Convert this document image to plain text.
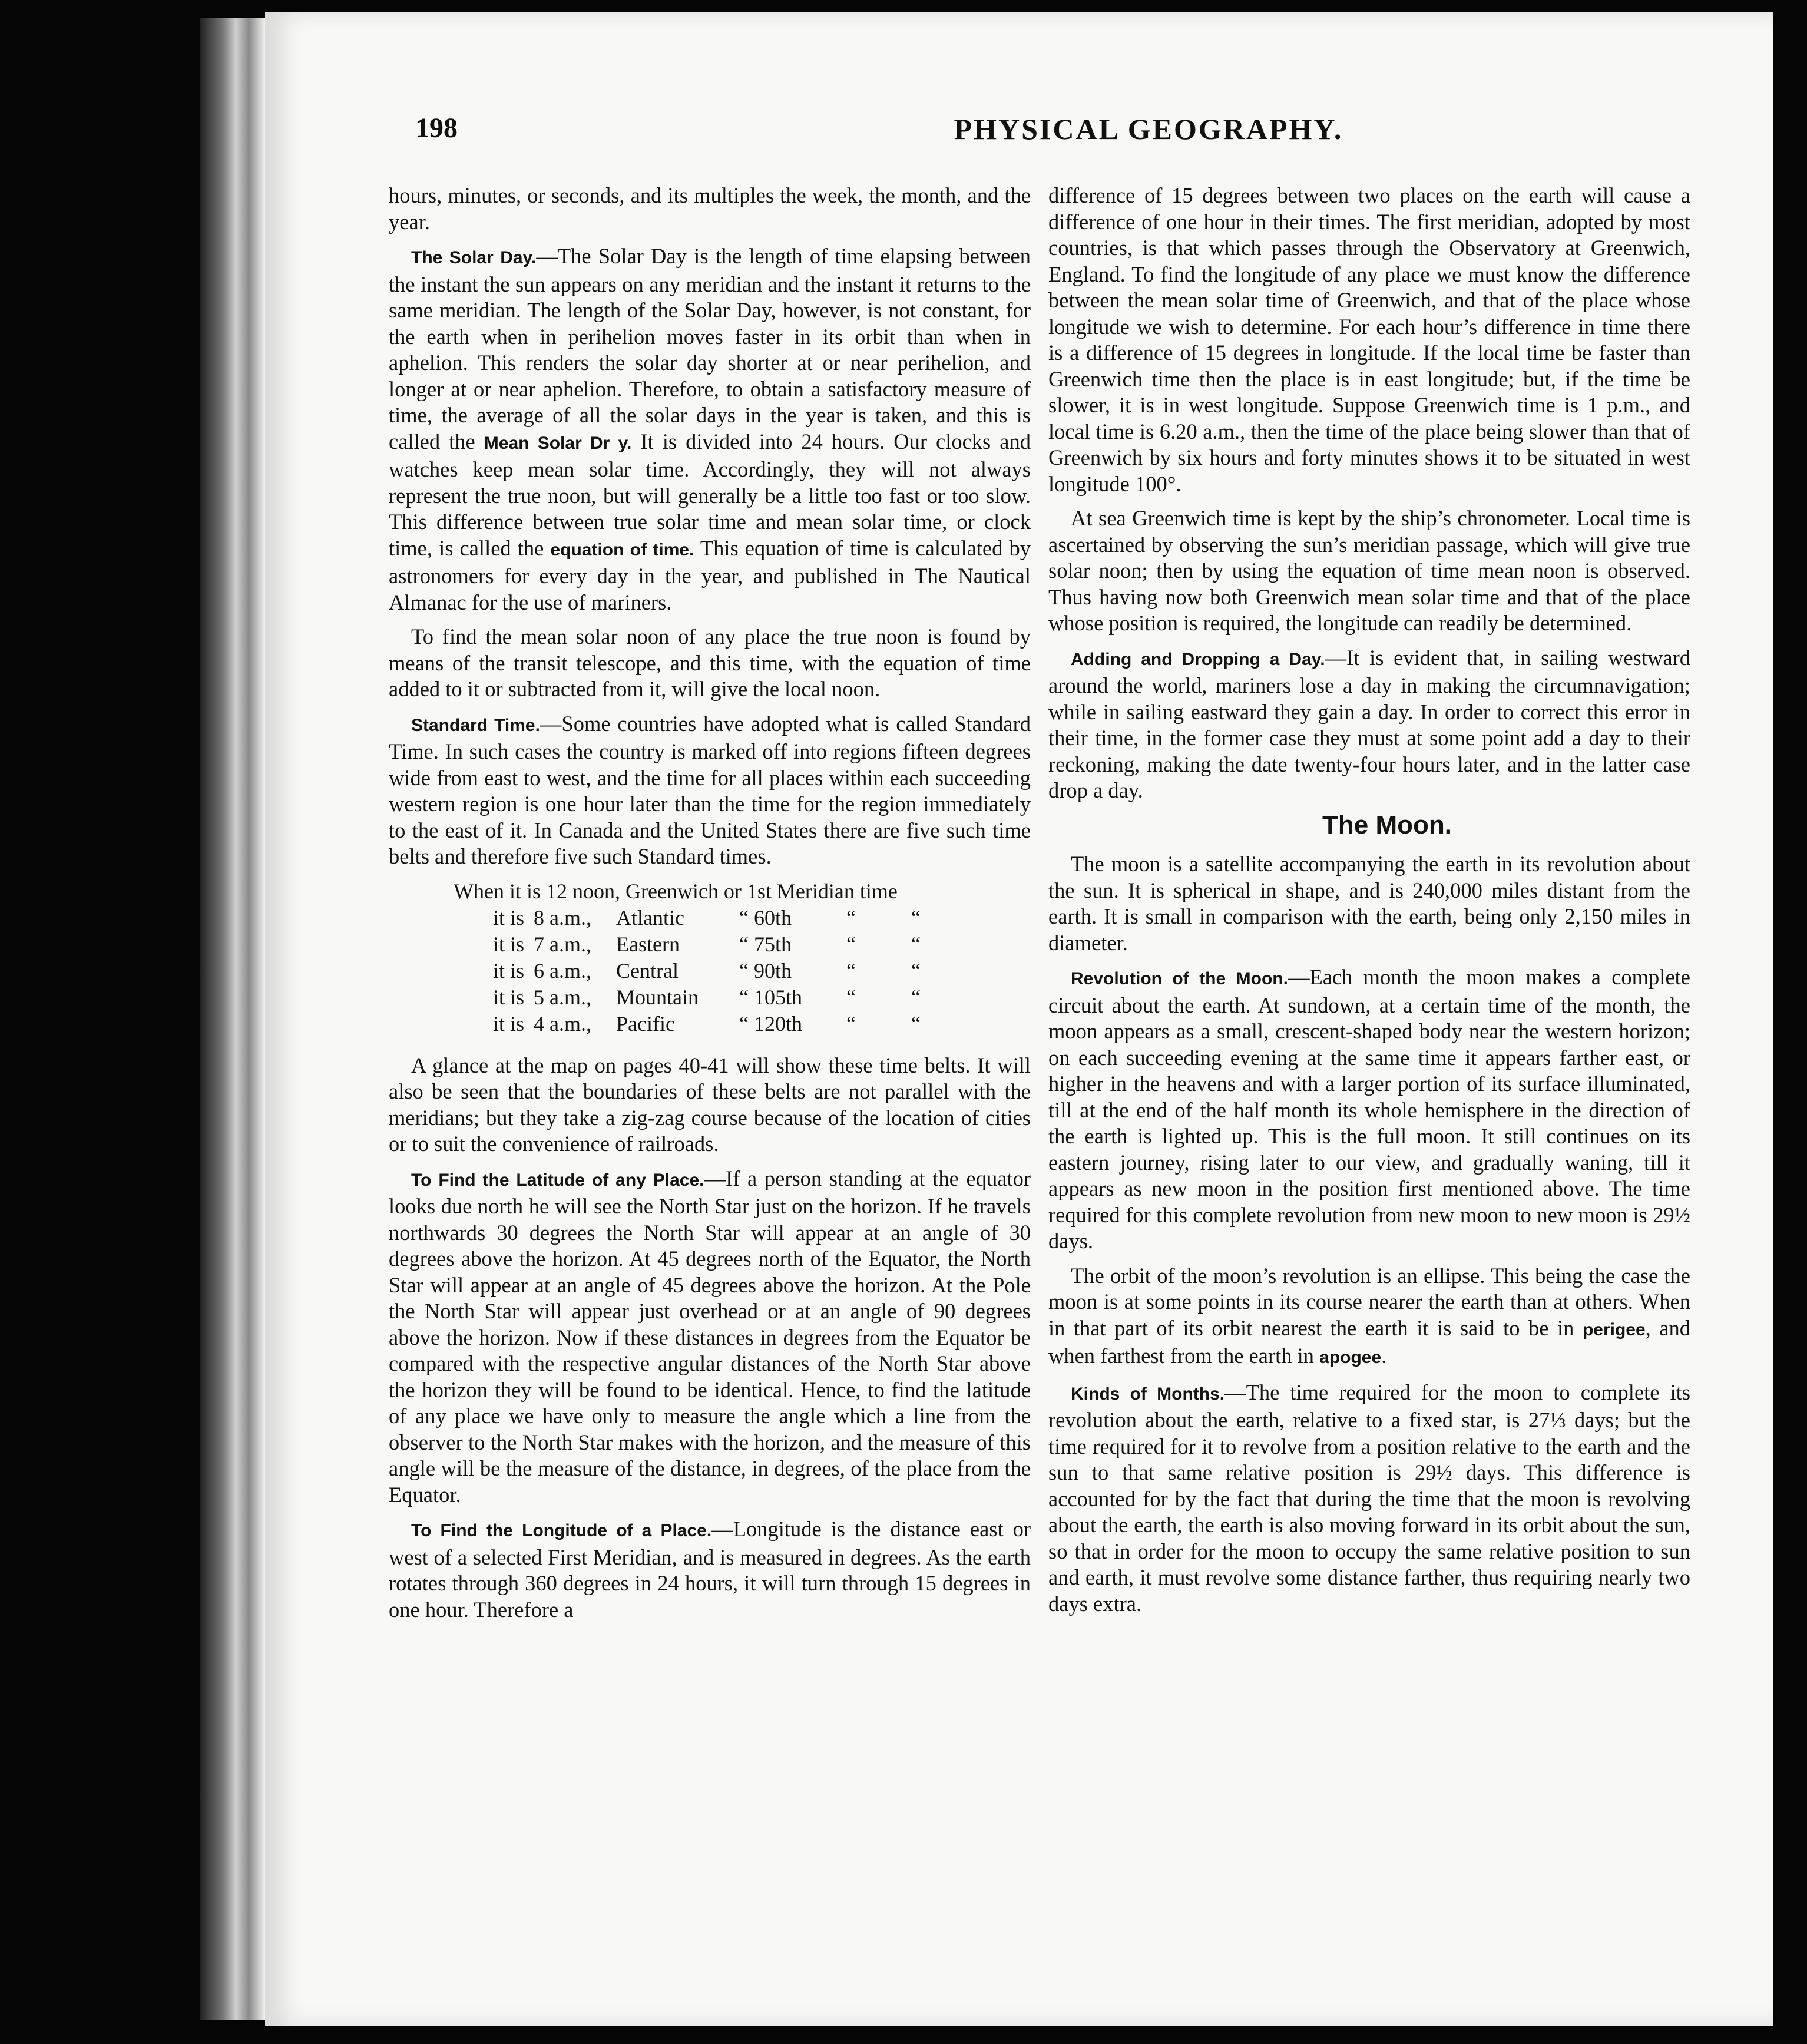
198	PHYSICAL GEOGRAPHY.

hours, minutes, or seconds, and its multiples the week, the month, and the year.

The Solar Day.—The Solar Day is the length of time elapsing between the instant the sun appears on any meridian and the instant it returns to the same meridian. The length of the Solar Day, however, is not constant, for the earth when in perihelion moves faster in its orbit than when in aphelion. This renders the solar day shorter at or near perihelion, and longer at or near aphelion. Therefore, to obtain a satisfactory measure of time, the average of all the solar days in the year is taken, and this is called the Mean Solar Dr y. It is divided into 24 hours. Our clocks and watches keep mean solar time. Accordingly, they will not always represent the true noon, but will generally be a little too fast or too slow. This difference between true solar time and mean solar time, or clock time, is called the equation of time. This equation of time is calculated by astronomers for every day in the year, and published in The Nautical Almanac for the use of mariners.

To find the mean solar noon of any place the true noon is found by means of the transit telescope, and this time, with the equation of time added to it or subtracted from it, will give the local noon.

Standard Time.—Some countries have adopted what is called Standard Time. In such cases the country is marked off into regions fifteen degrees wide from east to west, and the time for all places within each succeeding western region is one hour later than the time for the region immediately to the east of it. In Canada and the United States there are five such time belts and therefore five such Standard times.

When it is 12 noon, Greenwich or 1st Meridian time
it is 8 a.m.,	Atlantic	“ 60th	“	“
it is 7 a.m.,	Eastern	“ 75th	“	“
it is 6 a.m.,	Central	“ 90th	“	“
it is 5 a.m.,	Mountain	“ 105th	“	“
it is 4 a.m.,	Pacific	“ 120th	“	“

A glance at the map on pages 40-41 will show these time belts. It will also be seen that the boundaries of these belts are not parallel with the meridians; but they take a zig-zag course because of the location of cities or to suit the convenience of railroads.

To Find the Latitude of any Place.—If a person standing at the equator looks due north he will see the North Star just on the horizon. If he travels northwards 30 degrees the North Star will appear at an angle of 30 degrees above the horizon. At 45 degrees north of the Equator, the North Star will appear at an angle of 45 degrees above the horizon. At the Pole the North Star will appear just overhead or at an angle of 90 degrees above the horizon. Now if these distances in degrees from the Equator be compared with the respective angular distances of the North Star above the horizon they will be found to be identical. Hence, to find the latitude of any place we have only to measure the angle which a line from the observer to the North Star makes with the horizon, and the measure of this angle will be the measure of the distance, in degrees, of the place from the Equator.

To Find the Longitude of a Place.—Longitude is the distance east or west of a selected First Meridian, and is measured in degrees. As the earth rotates through 360 degrees in 24 hours, it will turn through 15 degrees in one hour. Therefore a

difference of 15 degrees between two places on the earth will cause a difference of one hour in their times. The first meridian, adopted by most countries, is that which passes through the Observatory at Greenwich, England. To find the longitude of any place we must know the difference between the mean solar time of Greenwich, and that of the place whose longitude we wish to determine. For each hour’s difference in time there is a difference of 15 degrees in longitude. If the local time be faster than Greenwich time then the place is in east longitude; but, if the time be slower, it is in west longitude. Suppose Greenwich time is 1 p.m., and local time is 6.20 a.m., then the time of the place being slower than that of Greenwich by six hours and forty minutes shows it to be situated in west longitude 100°.

At sea Greenwich time is kept by the ship’s chronometer. Local time is ascertained by observing the sun’s meridian passage, which will give true solar noon; then by using the equation of time mean noon is observed. Thus having now both Greenwich mean solar time and that of the place whose position is required, the longitude can readily be determined.

Adding and Dropping a Day.—It is evident that, in sailing westward around the world, mariners lose a day in making the circumnavigation; while in sailing eastward they gain a day. In order to correct this error in their time, in the former case they must at some point add a day to their reckoning, making the date twenty-four hours later, and in the latter case drop a day.

The Moon.

The moon is a satellite accompanying the earth in its revolution about the sun. It is spherical in shape, and is 240,000 miles distant from the earth. It is small in comparison with the earth, being only 2,150 miles in diameter.

Revolution of the Moon.—Each month the moon makes a complete circuit about the earth. At sundown, at a certain time of the month, the moon appears as a small, crescent-shaped body near the western horizon; on each succeeding evening at the same time it appears farther east, or higher in the heavens and with a larger portion of its surface illuminated, till at the end of the half month its whole hemisphere in the direction of the earth is lighted up. This is the full moon. It still continues on its eastern journey, rising later to our view, and gradually waning, till it appears as new moon in the position first mentioned above. The time required for this complete revolution from new moon to new moon is 29½ days.

The orbit of the moon’s revolution is an ellipse. This being the case the moon is at some points in its course nearer the earth than at others. When in that part of its orbit nearest the earth it is said to be in perigee, and when farthest from the earth in apogee.

Kinds of Months.—The time required for the moon to complete its revolution about the earth, relative to a fixed star, is 27⅓ days; but the time required for it to revolve from a position relative to the earth and the sun to that same relative position is 29½ days. This difference is accounted for by the fact that during the time that the moon is revolving about the earth, the earth is also moving forward in its orbit about the sun, so that in order for the moon to occupy the same relative position to sun and earth, it must revolve some distance farther, thus requiring nearly two days extra.
